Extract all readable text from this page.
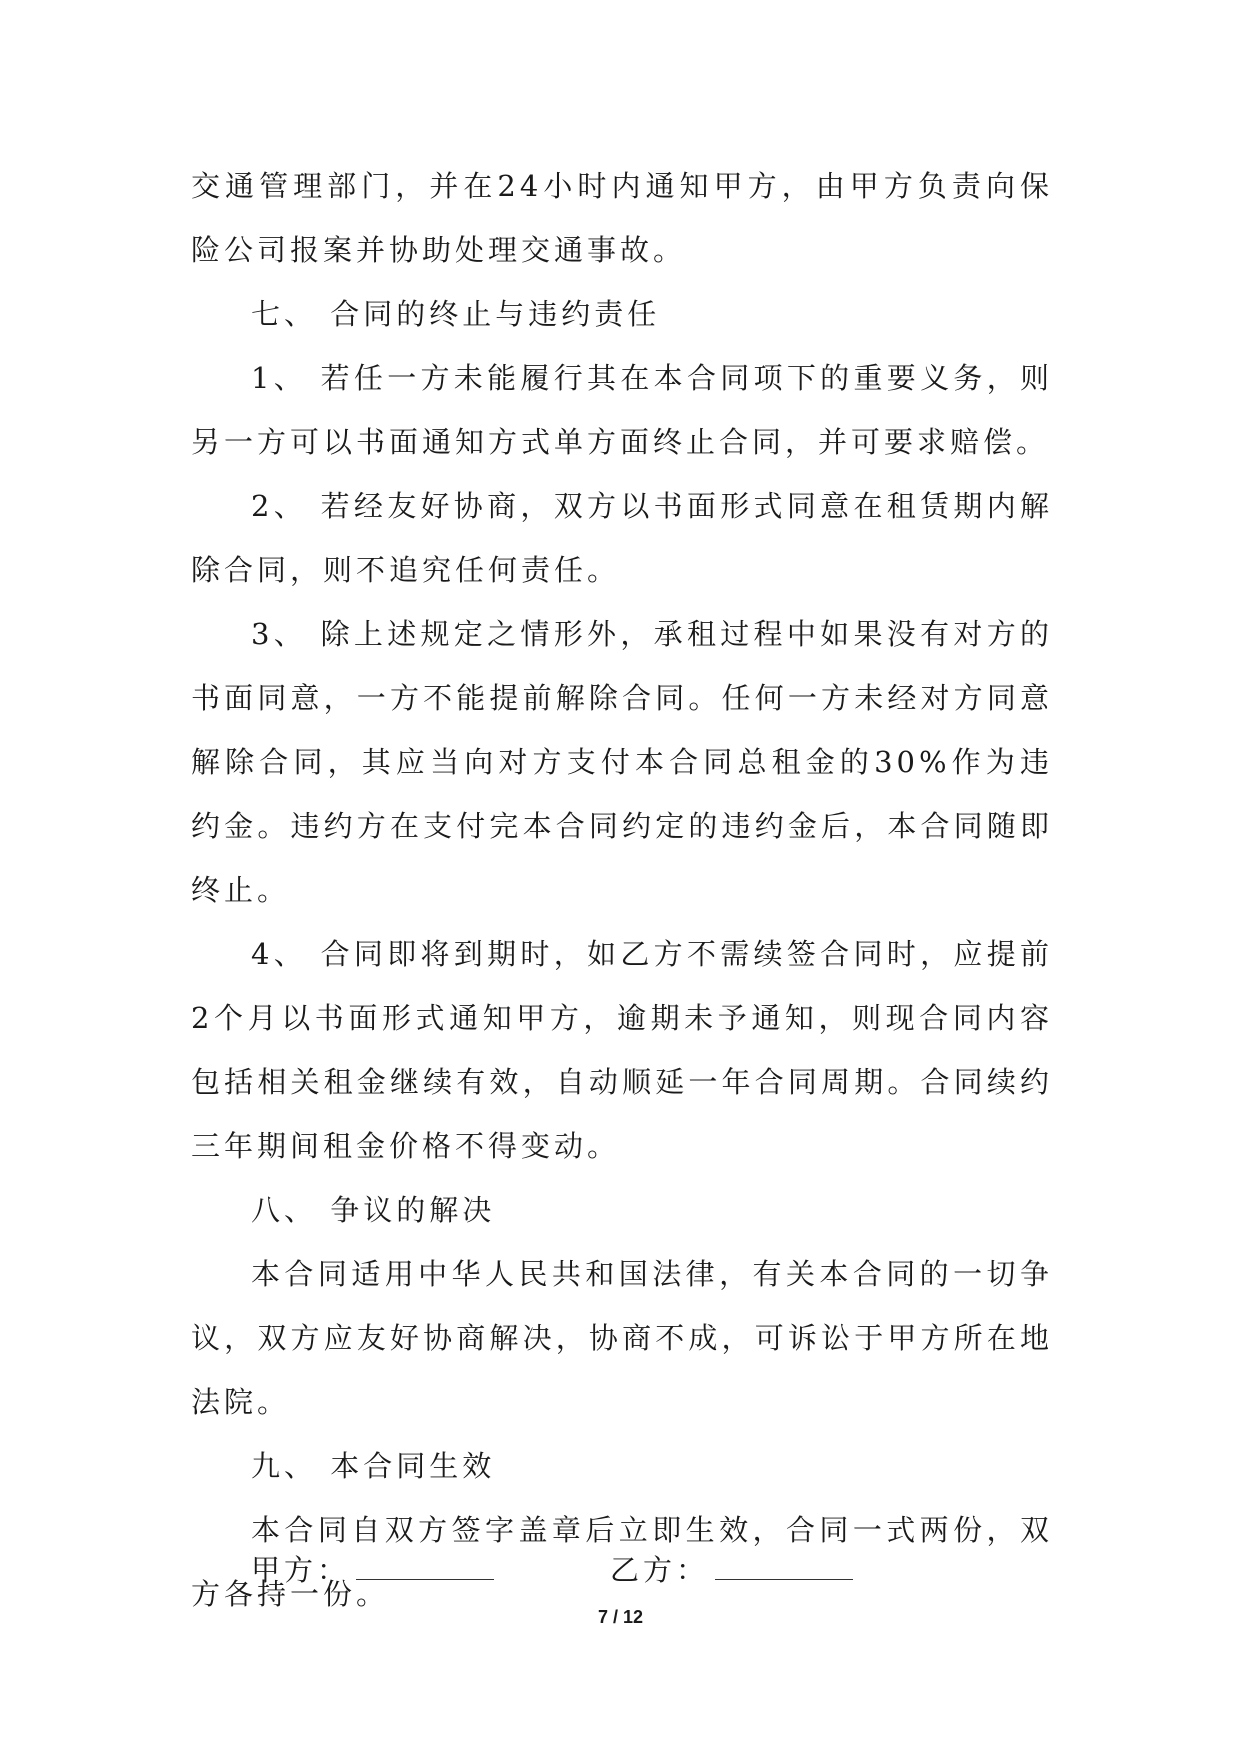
交通管理部门，并在24小时内通知甲方，由甲方负责向保险公司报案并协助处理交通事故。

七、 合同的终止与违约责任

1、 若任一方未能履行其在本合同项下的重要义务，则另一方可以书面通知方式单方面终止合同，并可要求赔偿。

2、 若经友好协商，双方以书面形式同意在租赁期内解除合同，则不追究任何责任。

3、 除上述规定之情形外，承租过程中如果没有对方的书面同意，一方不能提前解除合同。任何一方未经对方同意解除合同，其应当向对方支付本合同总租金的30%作为违约金。违约方在支付完本合同约定的违约金后，本合同随即终止。

4、 合同即将到期时，如乙方不需续签合同时，应提前2个月以书面形式通知甲方，逾期未予通知，则现合同内容包括相关租金继续有效，自动顺延一年合同周期。合同续约三年期间租金价格不得变动。

八、 争议的解决

本合同适用中华人民共和国法律，有关本合同的一切争议，双方应友好协商解决，协商不成，可诉讼于甲方所在地法院。

九、 本合同生效

本合同自双方签字盖章后立即生效，合同一式两份，双方各持一份。

甲方：	乙方：
7 / 12
